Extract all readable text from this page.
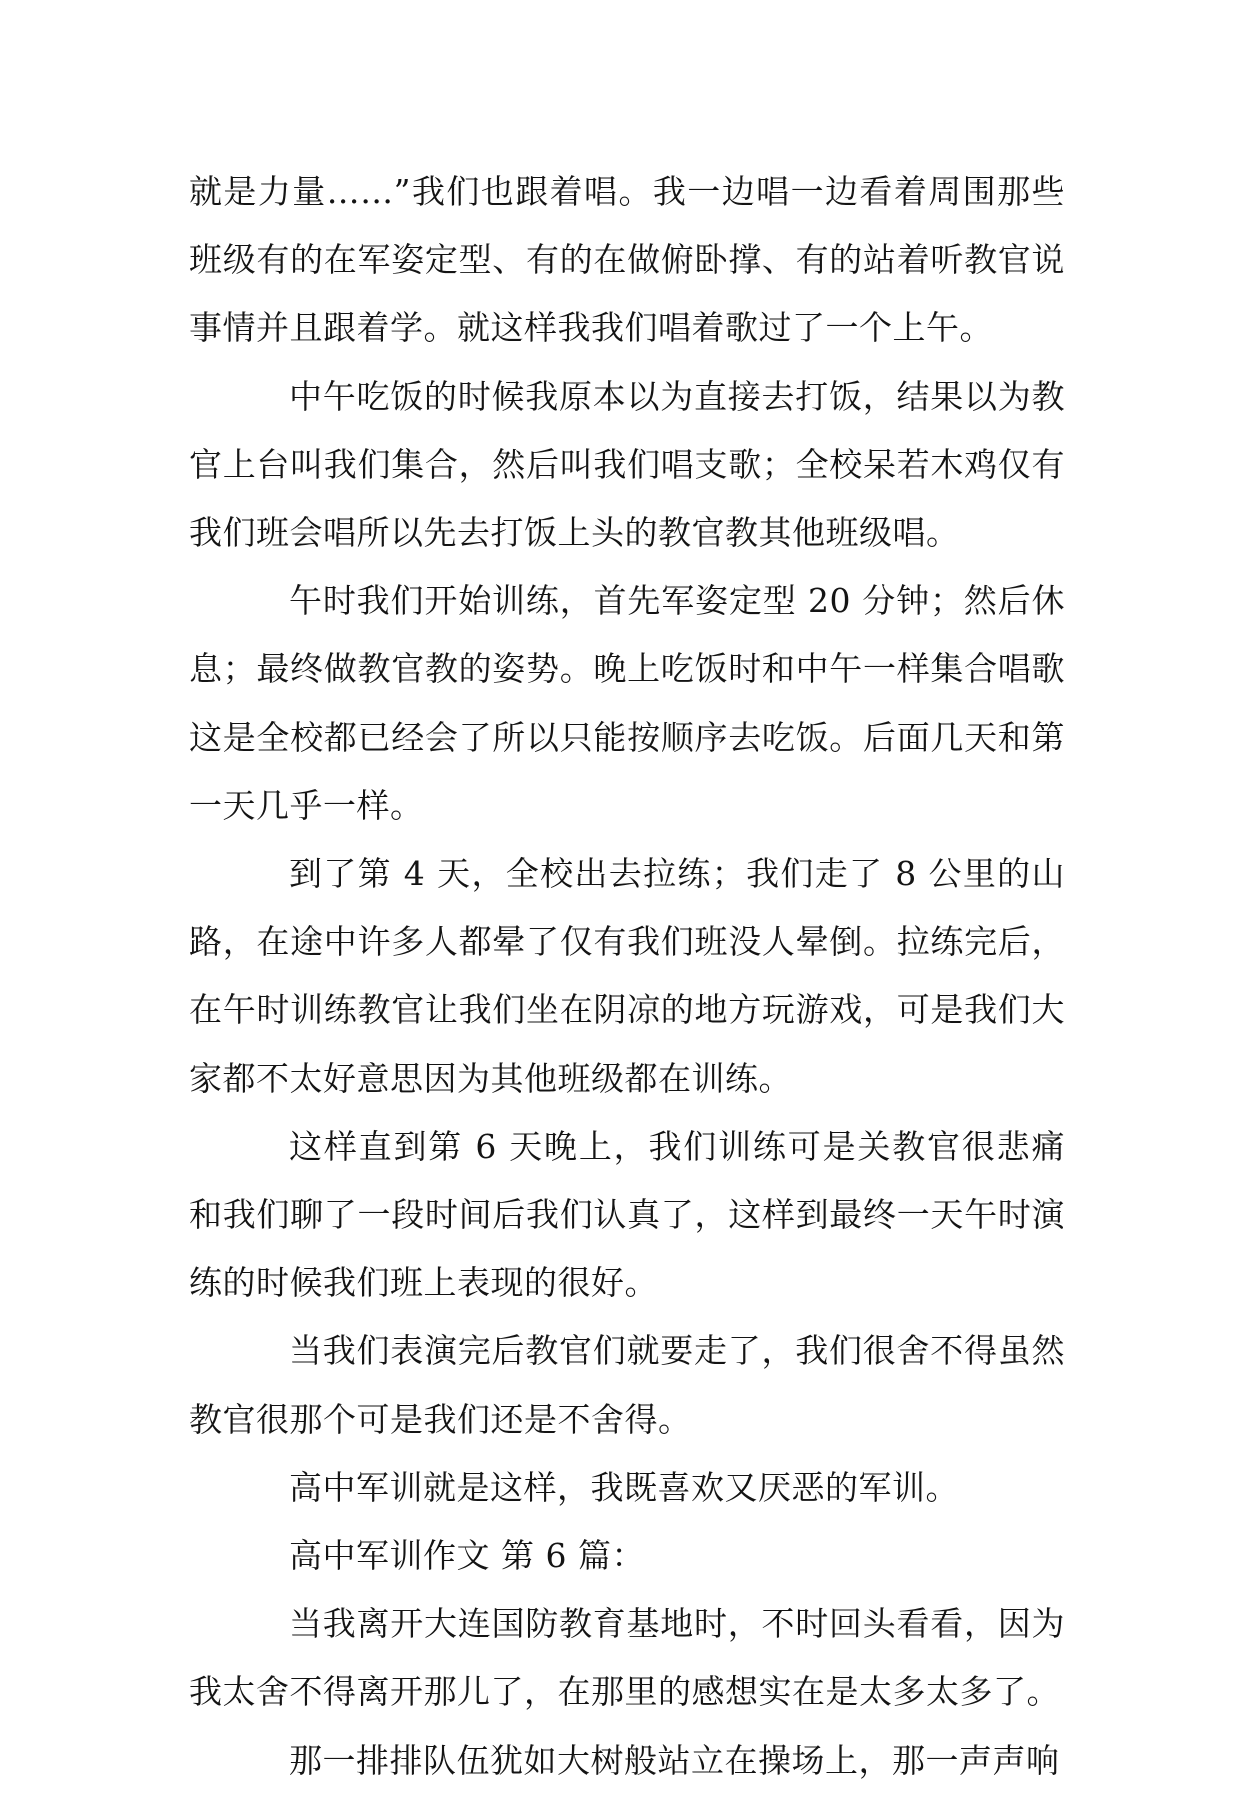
就是力量……”我们也跟着唱。我一边唱一边看着周围那些班级有的在军姿定型、有的在做俯卧撑、有的站着听教官说事情并且跟着学。就这样我我们唱着歌过了一个上午。

中午吃饭的时候我原本以为直接去打饭，结果以为教官上台叫我们集合，然后叫我们唱支歌；全校呆若木鸡仅有我们班会唱所以先去打饭上头的教官教其他班级唱。

午时我们开始训练，首先军姿定型 20 分钟；然后休息；最终做教官教的姿势。晚上吃饭时和中午一样集合唱歌这是全校都已经会了所以只能按顺序去吃饭。后面几天和第一天几乎一样。

到了第 4 天，全校出去拉练；我们走了 8 公里的山路，在途中许多人都晕了仅有我们班没人晕倒。拉练完后，在午时训练教官让我们坐在阴凉的地方玩游戏，可是我们大家都不太好意思因为其他班级都在训练。

这样直到第 6 天晚上，我们训练可是关教官很悲痛和我们聊了一段时间后我们认真了，这样到最终一天午时演练的时候我们班上表现的很好。

当我们表演完后教官们就要走了，我们很舍不得虽然教官很那个可是我们还是不舍得。

高中军训就是这样，我既喜欢又厌恶的军训。

高中军训作文 第 6 篇：

当我离开大连国防教育基地时，不时回头看看，因为我太舍不得离开那儿了，在那里的感想实在是太多太多了。

那一排排队伍犹如大树般站立在操场上，那一声声响
